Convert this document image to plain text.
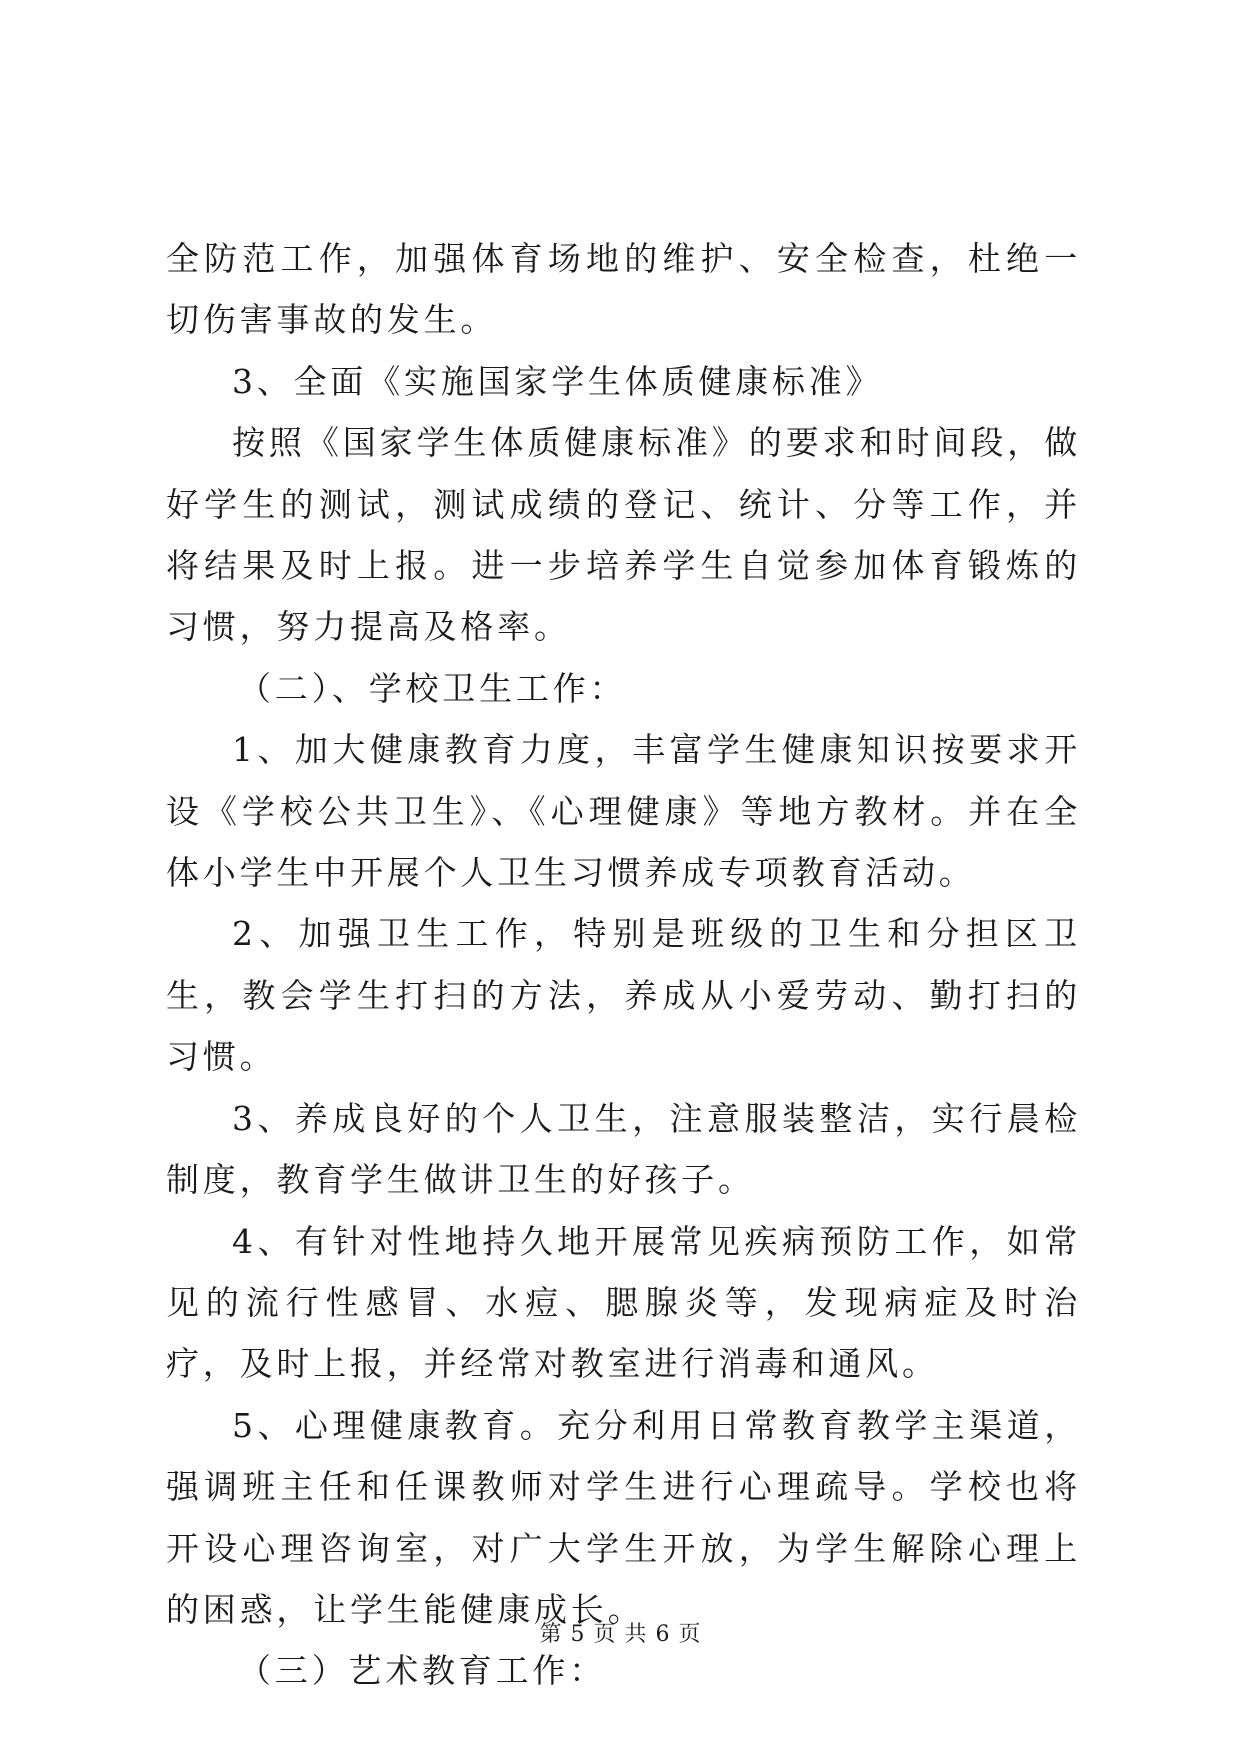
全防范工作，加强体育场地的维护、安全检查，杜绝一切伤害事故的发生。

3、全面《实施国家学生体质健康标准》

按照《国家学生体质健康标准》的要求和时间段，做好学生的测试，测试成绩的登记、统计、分等工作，并将结果及时上报。进一步培养学生自觉参加体育锻炼的习惯，努力提高及格率。

（二）、学校卫生工作：

1、加大健康教育力度，丰富学生健康知识按要求开设《学校公共卫生》、《心理健康》等地方教材。并在全体小学生中开展个人卫生习惯养成专项教育活动。

2、加强卫生工作，特别是班级的卫生和分担区卫生，教会学生打扫的方法，养成从小爱劳动、勤打扫的习惯。

3、养成良好的个人卫生，注意服装整洁，实行晨检制度，教育学生做讲卫生的好孩子。

4、有针对性地持久地开展常见疾病预防工作，如常见的流行性感冒、水痘、腮腺炎等，发现病症及时治疗，及时上报，并经常对教室进行消毒和通风。

5、心理健康教育。充分利用日常教育教学主渠道，强调班主任和任课教师对学生进行心理疏导。学校也将开设心理咨询室，对广大学生开放，为学生解除心理上的困惑，让学生能健康成长。

（三）艺术教育工作：

第 5 页 共 6 页
